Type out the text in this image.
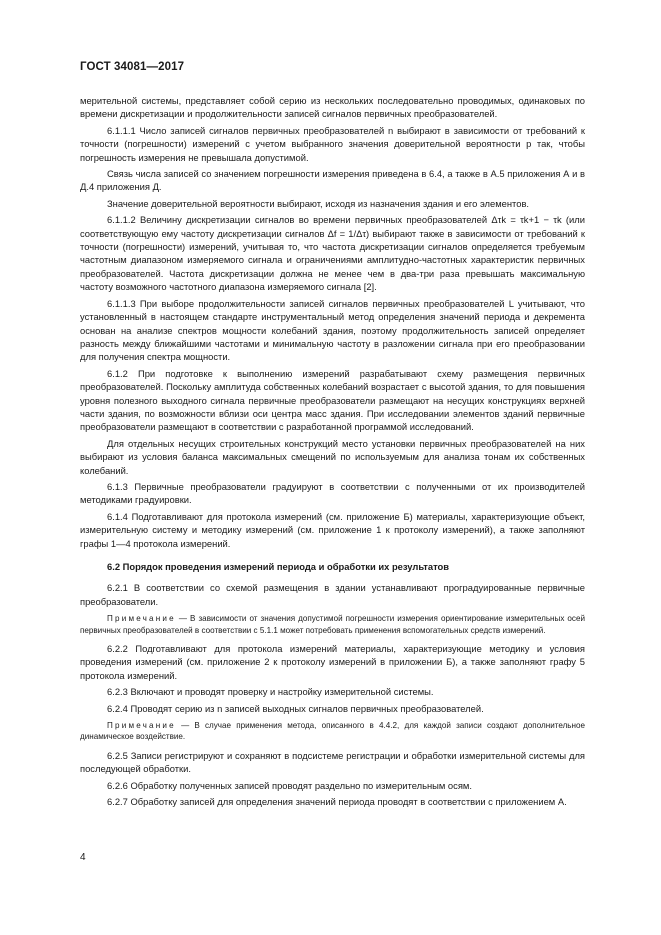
ГОСТ 34081—2017
мерительной системы, представляет собой серию из нескольких последовательно проводимых, одинаковых по времени дискретизации и продолжительности записей сигналов первичных преобразователей.
6.1.1.1 Число записей сигналов первичных преобразователей n выбирают в зависимости от требований к точности (погрешности) измерений с учетом выбранного значения доверительной вероятности p так, чтобы погрешность измерения не превышала допустимой.
Связь числа записей со значением погрешности измерения приведена в 6.4, а также в А.5 приложения А и в Д.4 приложения Д.
Значение доверительной вероятности выбирают, исходя из назначения здания и его элементов.
6.1.1.2 Величину дискретизации сигналов во времени первичных преобразователей Δτk = τk+1 − τk (или соответствующую ему частоту дискретизации сигналов Δf = 1/Δτ) выбирают также в зависимости от требований к точности (погрешности) измерений, учитывая то, что частота дискретизации сигналов определяется требуемым частотным диапазоном измеряемого сигнала и ограничениями амплитудно-частотных характеристик первичных преобразователей. Частота дискретизации должна не менее чем в два-три раза превышать максимальную частоту возможного частотного диапазона измеряемого сигнала [2].
6.1.1.3 При выборе продолжительности записей сигналов первичных преобразователей L учитывают, что установленный в настоящем стандарте инструментальный метод определения значений периода и декремента основан на анализе спектров мощности колебаний здания, поэтому продолжительность записей определяет разность между ближайшими частотами и минимальную частоту в разложении сигнала при его преобразовании для получения спектра мощности.
6.1.2 При подготовке к выполнению измерений разрабатывают схему размещения первичных преобразователей. Поскольку амплитуда собственных колебаний возрастает с высотой здания, то для повышения уровня полезного выходного сигнала первичные преобразователи размещают на несущих конструкциях верхней части здания, по возможности вблизи оси центра масс здания. При исследовании элементов зданий первичные преобразователи размещают в соответствии с разработанной программой исследований.
Для отдельных несущих строительных конструкций место установки первичных преобразователей на них выбирают из условия баланса максимальных смещений по используемым для анализа тонам их собственных колебаний.
6.1.3 Первичные преобразователи градуируют в соответствии с полученными от их производителей методиками градуировки.
6.1.4 Подготавливают для протокола измерений (см. приложение Б) материалы, характеризующие объект, измерительную систему и методику измерений (см. приложение 1 к протоколу измерений), а также заполняют графы 1—4 протокола измерений.
6.2 Порядок проведения измерений периода и обработки их результатов
6.2.1 В соответствии со схемой размещения в здании устанавливают проградуированные первичные преобразователи.
Примечание — В зависимости от значения допустимой погрешности измерения ориентирование измерительных осей первичных преобразователей в соответствии с 5.1.1 может потребовать применения вспомогательных средств измерений.
6.2.2 Подготавливают для протокола измерений материалы, характеризующие методику и условия проведения измерений (см. приложение 2 к протоколу измерений в приложении Б), а также заполняют графу 5 протокола измерений.
6.2.3 Включают и проводят проверку и настройку измерительной системы.
6.2.4 Проводят серию из n записей выходных сигналов первичных преобразователей.
Примечание — В случае применения метода, описанного в 4.4.2, для каждой записи создают дополнительное динамическое воздействие.
6.2.5 Записи регистрируют и сохраняют в подсистеме регистрации и обработки измерительной системы для последующей обработки.
6.2.6 Обработку полученных записей проводят раздельно по измерительным осям.
6.2.7 Обработку записей для определения значений периода проводят в соответствии с приложением А.
4
